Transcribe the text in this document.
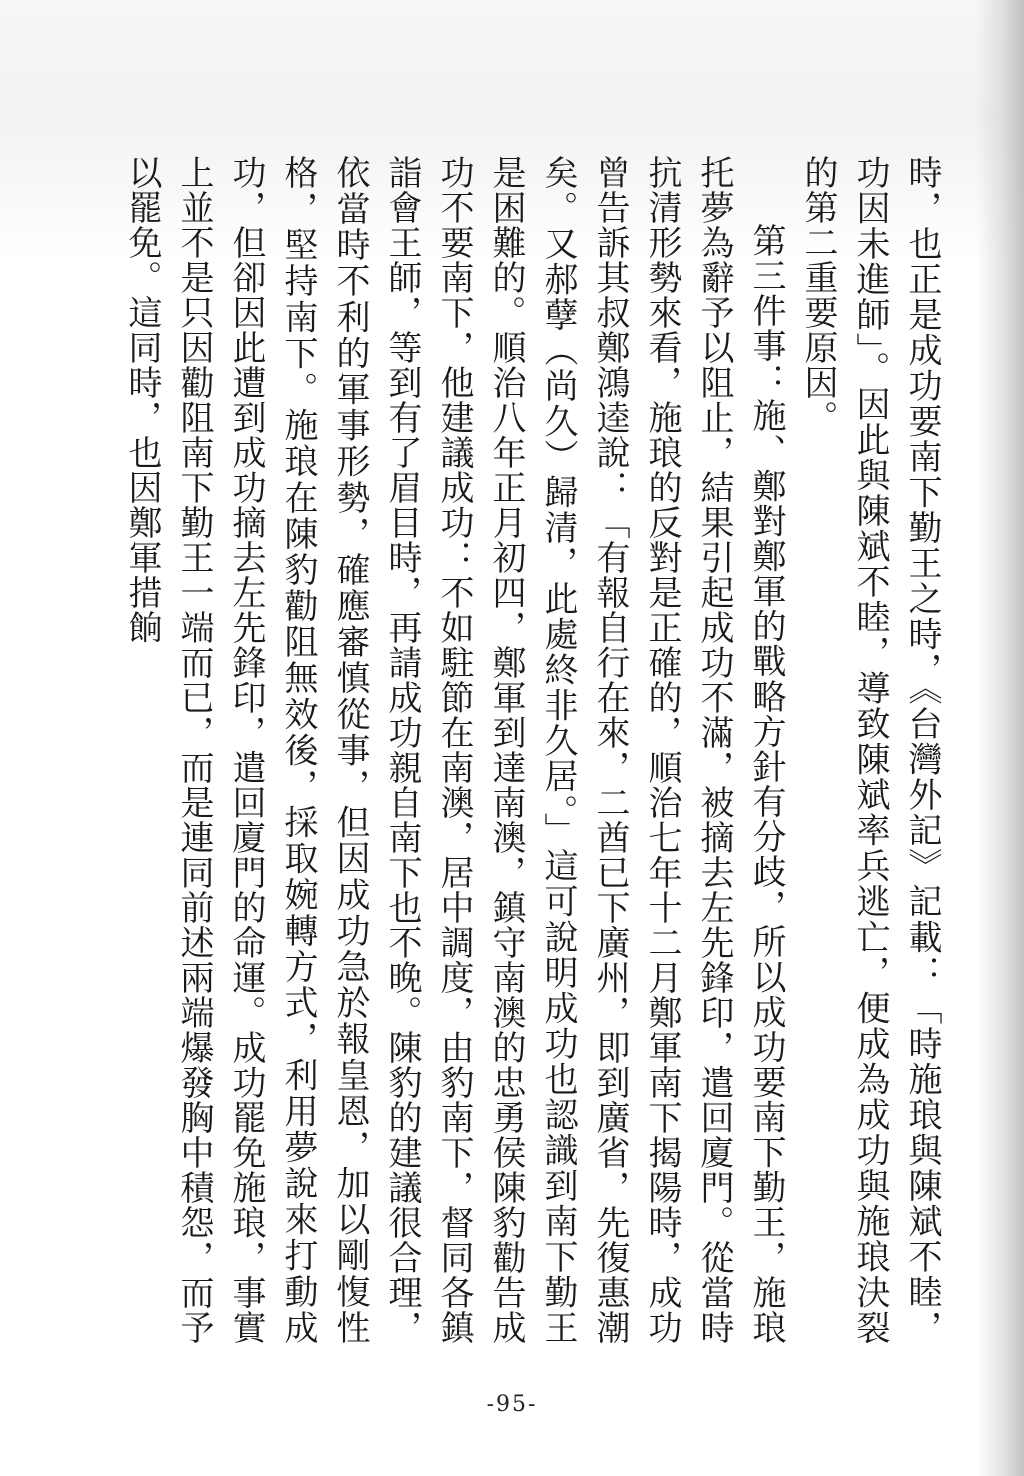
時，也正是成功要南下勤王之時，《台灣外記》記載：「時施琅與陳斌不睦，功因未進師」。因此與陳斌不睦，導致陳斌率兵逃亡，便成為成功與施琅決裂的第二重要原因。

第三件事：施、鄭對鄭軍的戰略方針有分歧，所以成功要南下勤王，施琅托夢為辭予以阻止，結果引起成功不滿，被摘去左先鋒印，遣回廈門。從當時抗清形勢來看，施琅的反對是正確的，順治七年十二月鄭軍南下揭陽時，成功曾告訴其叔鄭鴻逵說：「有報自行在來，二酋已下廣州，即到廣省，先復惠潮矣。又郝孽（尚久）歸清，此處終非久居。」這可說明成功也認識到南下勤王是困難的。順治八年正月初四，鄭軍到達南澳，鎮守南澳的忠勇侯陳豹勸告成功不要南下，他建議成功：不如駐節在南澳，居中調度，由豹南下，督同各鎮詣會王師，等到有了眉目時，再請成功親自南下也不晚。陳豹的建議很合理，依當時不利的軍事形勢，確應審慎從事，但因成功急於報皇恩，加以剛愎性格，堅持南下。施琅在陳豹勸阻無效後，採取婉轉方式，利用夢說來打動成功，但卻因此遭到成功摘去左先鋒印，遣回廈門的命運。成功罷免施琅，事實上並不是只因勸阻南下勤王一端而已，而是連同前述兩端爆發胸中積怨，而予以罷免。這同時，也因鄭軍措餉

-95-
